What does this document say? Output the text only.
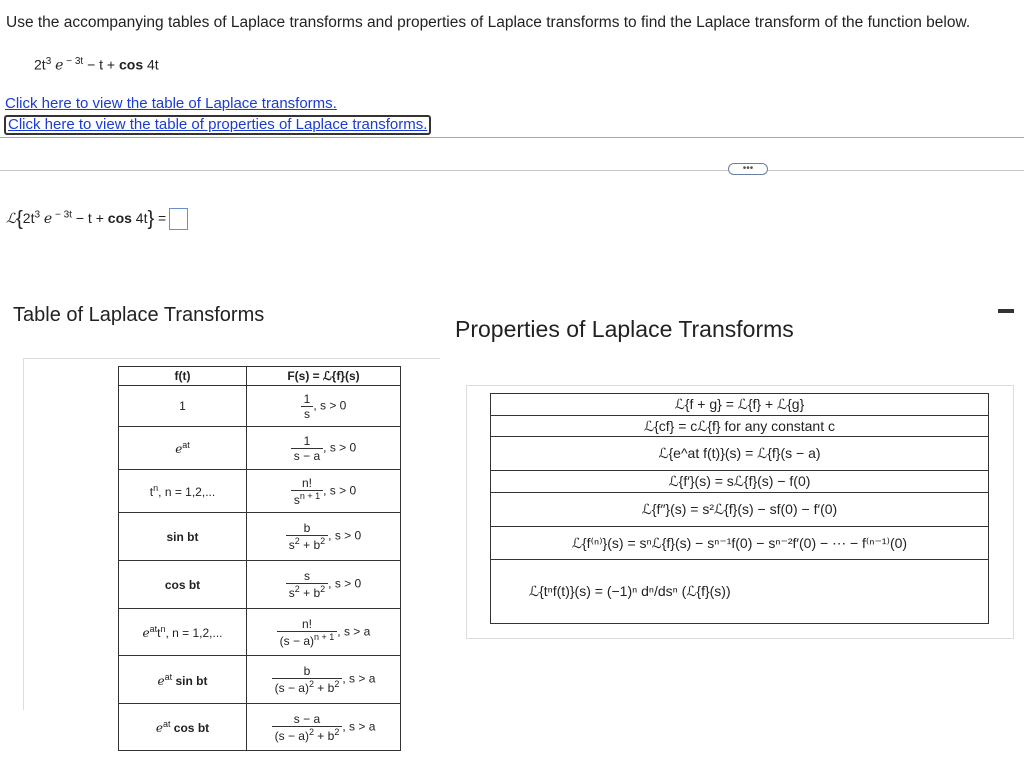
Use the accompanying tables of Laplace transforms and properties of Laplace transforms to find the Laplace transform of the function below.
$2t^3$ e $^{- 3t}$ − t + cos 4t
Click here to view the table of Laplace transforms.
Click here to view the table of properties of Laplace transforms.
•••
$ℒ\{2t^3$ e $^{- 3t}$ − t + cos 4t} =
Table of Laplace Transforms
Properties of Laplace Transforms
f(t)	F(s) = ℒ{f}(s)
1	$\frac{1}{s}$ , s > 0
$e^{at}$	$\frac{1}{s - a}$ , s > 0
$t^n$, n = 1,2,...	$\frac{n!}{s^{n + 1}}$ , s > 0
sin bt	$\frac{b}{s^2 + b^2}$ , s > 0
cos bt	$\frac{s}{s^2 + b^2}$ , s > 0
$e^{at}t^n$, n = 1,2,...	$\frac{n!}{(s - a)^{n + 1}}$ , s > a
$e^{at}$ sin bt	$\frac{b}{(s - a)^2 + b^2}$ , s > a
$e^{at}$ cos bt	$\frac{s - a}{(s - a)^2 + b^2}$ , s > a
ℒ{f + g} = ℒ{f} + ℒ{g}
ℒ{cf} = cℒ{f} for any constant c
ℒ{e^at f(t)}(s) = ℒ{f}(s − a)
ℒ{f′}(s) = sℒ{f}(s) − f(0)
ℒ{f″}(s) = s²ℒ{f}(s) − sf(0) − f′(0)
ℒ{f⁽ⁿ⁾}(s) = sⁿℒ{f}(s) − sⁿ⁻¹f(0) − sⁿ⁻²f′(0) − ⋯ − f⁽ⁿ⁻¹⁾(0)
ℒ{tⁿf(t)}(s) = (−1)ⁿ dⁿ/dsⁿ (ℒ{f}(s))
